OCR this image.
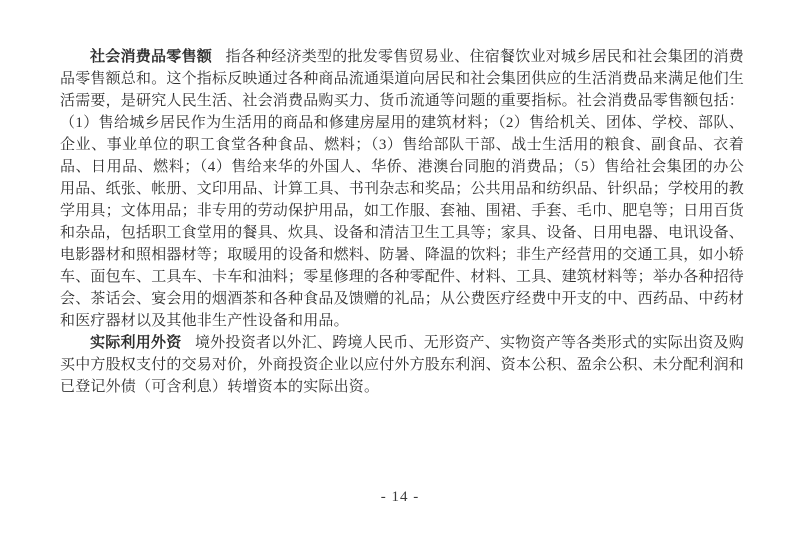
社会消费品零售额 指各种经济类型的批发零售贸易业、住宿餐饮业对城乡居民和社会集团的消费品零售额总和。这个指标反映通过各种商品流通渠道向居民和社会集团供应的生活消费品来满足他们生活需要，是研究人民生活、社会消费品购买力、货币流通等问题的重要指标。社会消费品零售额包括：（1）售给城乡居民作为生活用的商品和修建房屋用的建筑材料；（2）售给机关、团体、学校、部队、企业、事业单位的职工食堂各种食品、燃料；（3）售给部队干部、战士生活用的粮食、副食品、衣着品、日用品、燃料；（4）售给来华的外国人、华侨、港澳台同胞的消费品；（5）售给社会集团的办公用品、纸张、帐册、文印用品、计算工具、书刊杂志和奖品；公共用品和纺织品、针织品；学校用的教学用具；文体用品；非专用的劳动保护用品，如工作服、套袖、围裙、手套、毛巾、肥皂等；日用百货和杂品，包括职工食堂用的餐具、炊具、设备和清洁卫生工具等；家具、设备、日用电器、电讯设备、电影器材和照相器材等；取暖用的设备和燃料、防暑、降温的饮料；非生产经营用的交通工具，如小轿车、面包车、工具车、卡车和油料；零星修理的各种零配件、材料、工具、建筑材料等；举办各种招待会、茶话会、宴会用的烟酒茶和各种食品及馈赠的礼品；从公费医疗经费中开支的中、西药品、中药材和医疗器材以及其他非生产性设备和用品。

实际利用外资 境外投资者以外汇、跨境人民币、无形资产、实物资产等各类形式的实际出资及购买中方股权支付的交易对价，外商投资企业以应付外方股东利润、资本公积、盈余公积、未分配利润和已登记外债（可含利息）转增资本的实际出资。

- 14 -
